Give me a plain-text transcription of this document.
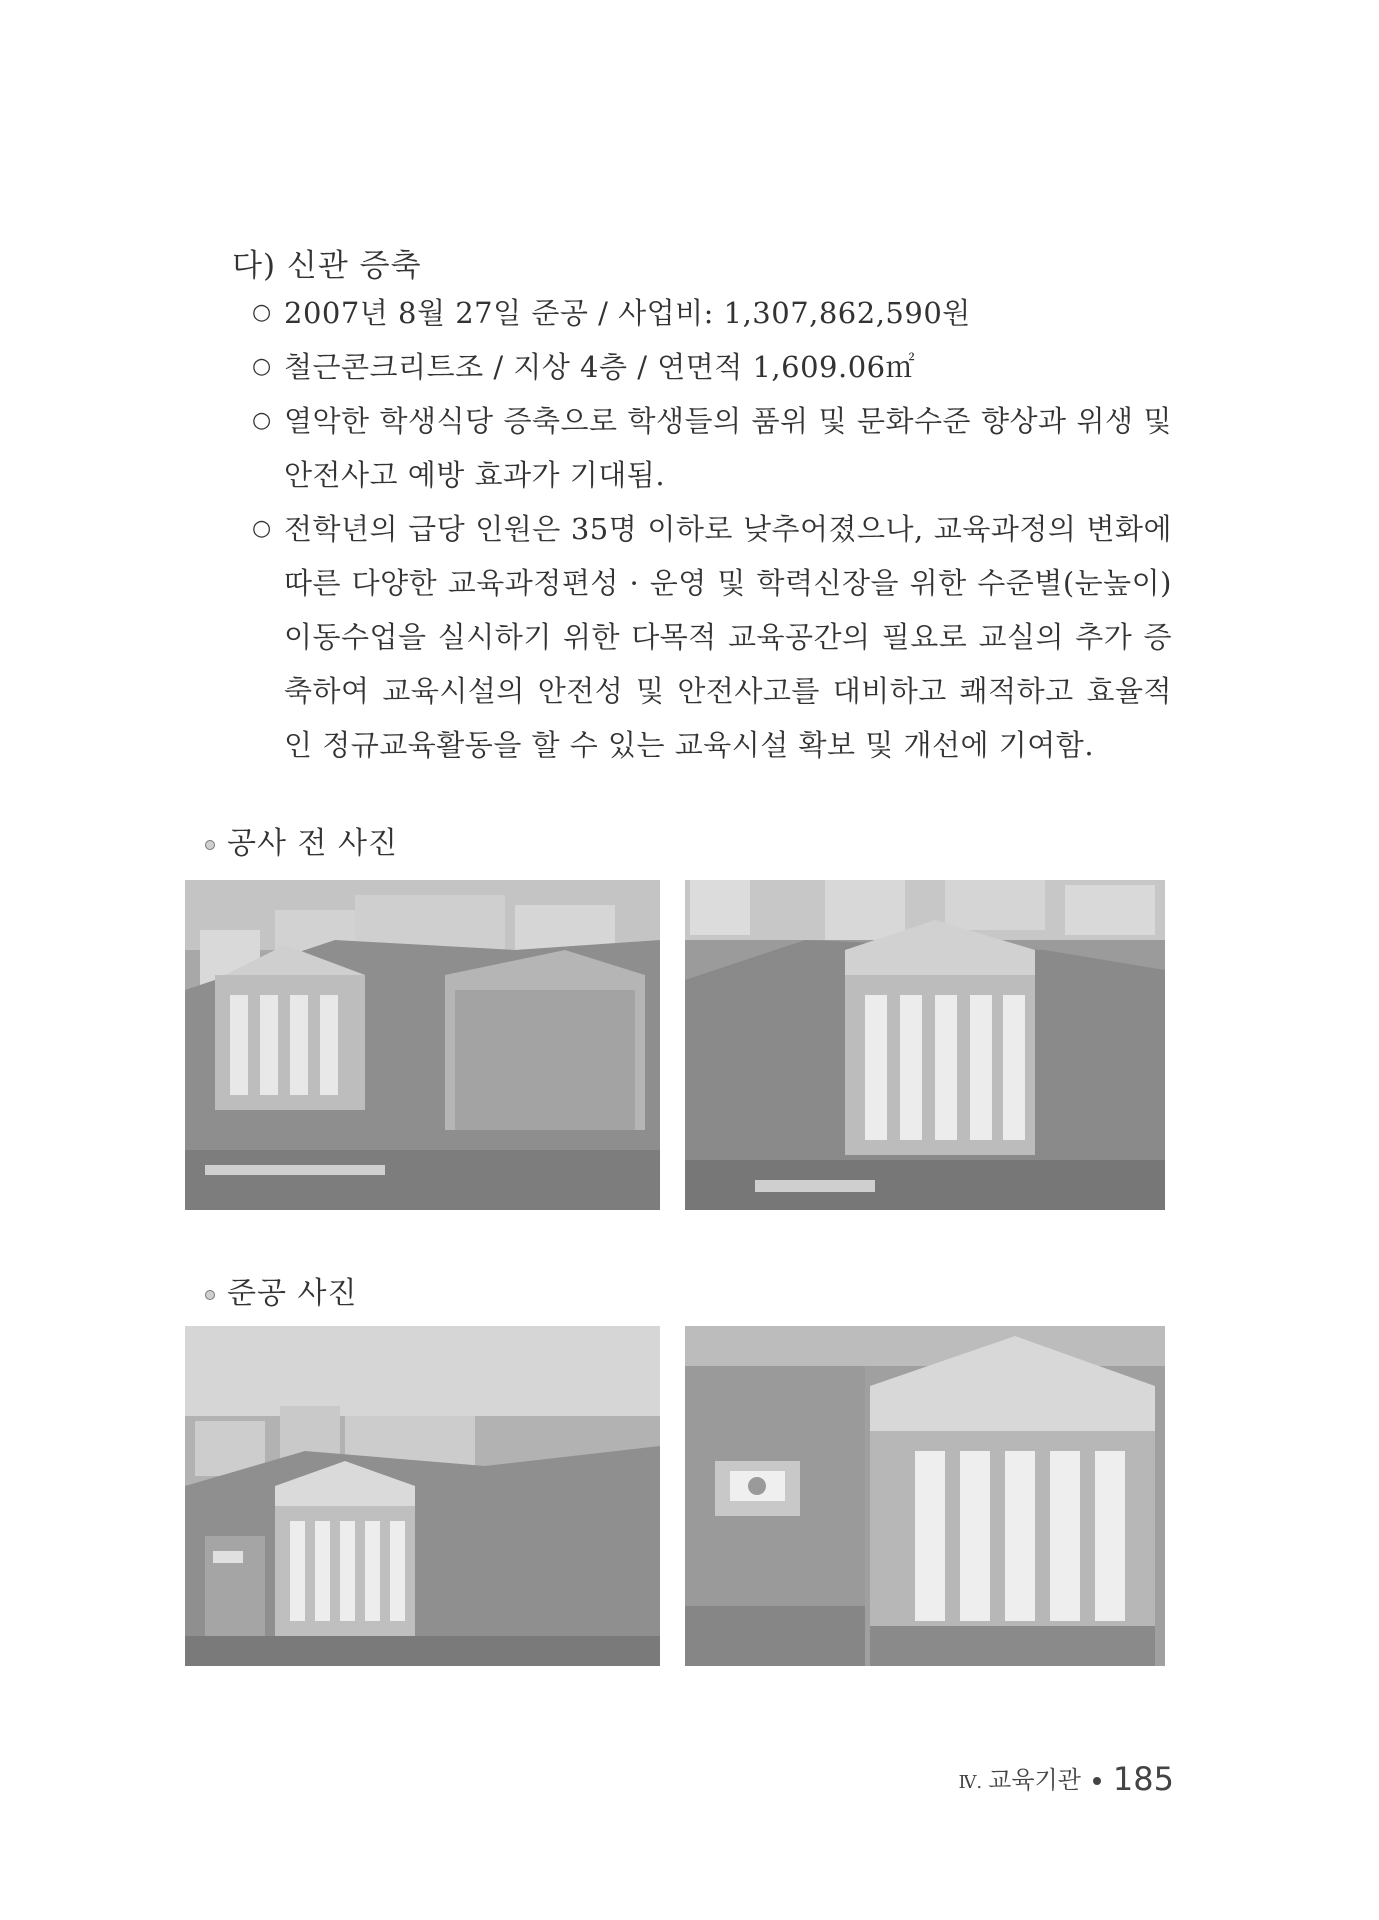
다) 신관 증축
○ 2007년 8월 27일 준공 / 사업비: 1,307,862,590원
○ 철근콘크리트조 / 지상 4층 / 연면적 1,609.06㎡
○ 열악한 학생식당 증축으로 학생들의 품위 및 문화수준 향상과 위생 및 안전사고 예방 효과가 기대됨.
○ 전학년의 급당 인원은 35명 이하로 낮추어졌으나, 교육과정의 변화에 따른 다양한 교육과정편성 · 운영 및 학력신장을 위한 수준별(눈높이) 이동수업을 실시하기 위한 다목적 교육공간의 필요로 교실의 추가 증축하여 교육시설의 안전성 및 안전사고를 대비하고 쾌적하고 효율적인 정규교육활동을 할 수 있는 교육시설 확보 및 개선에 기여함.
공사 전 사진
준공 사진
Ⅳ. 교육기관 185
